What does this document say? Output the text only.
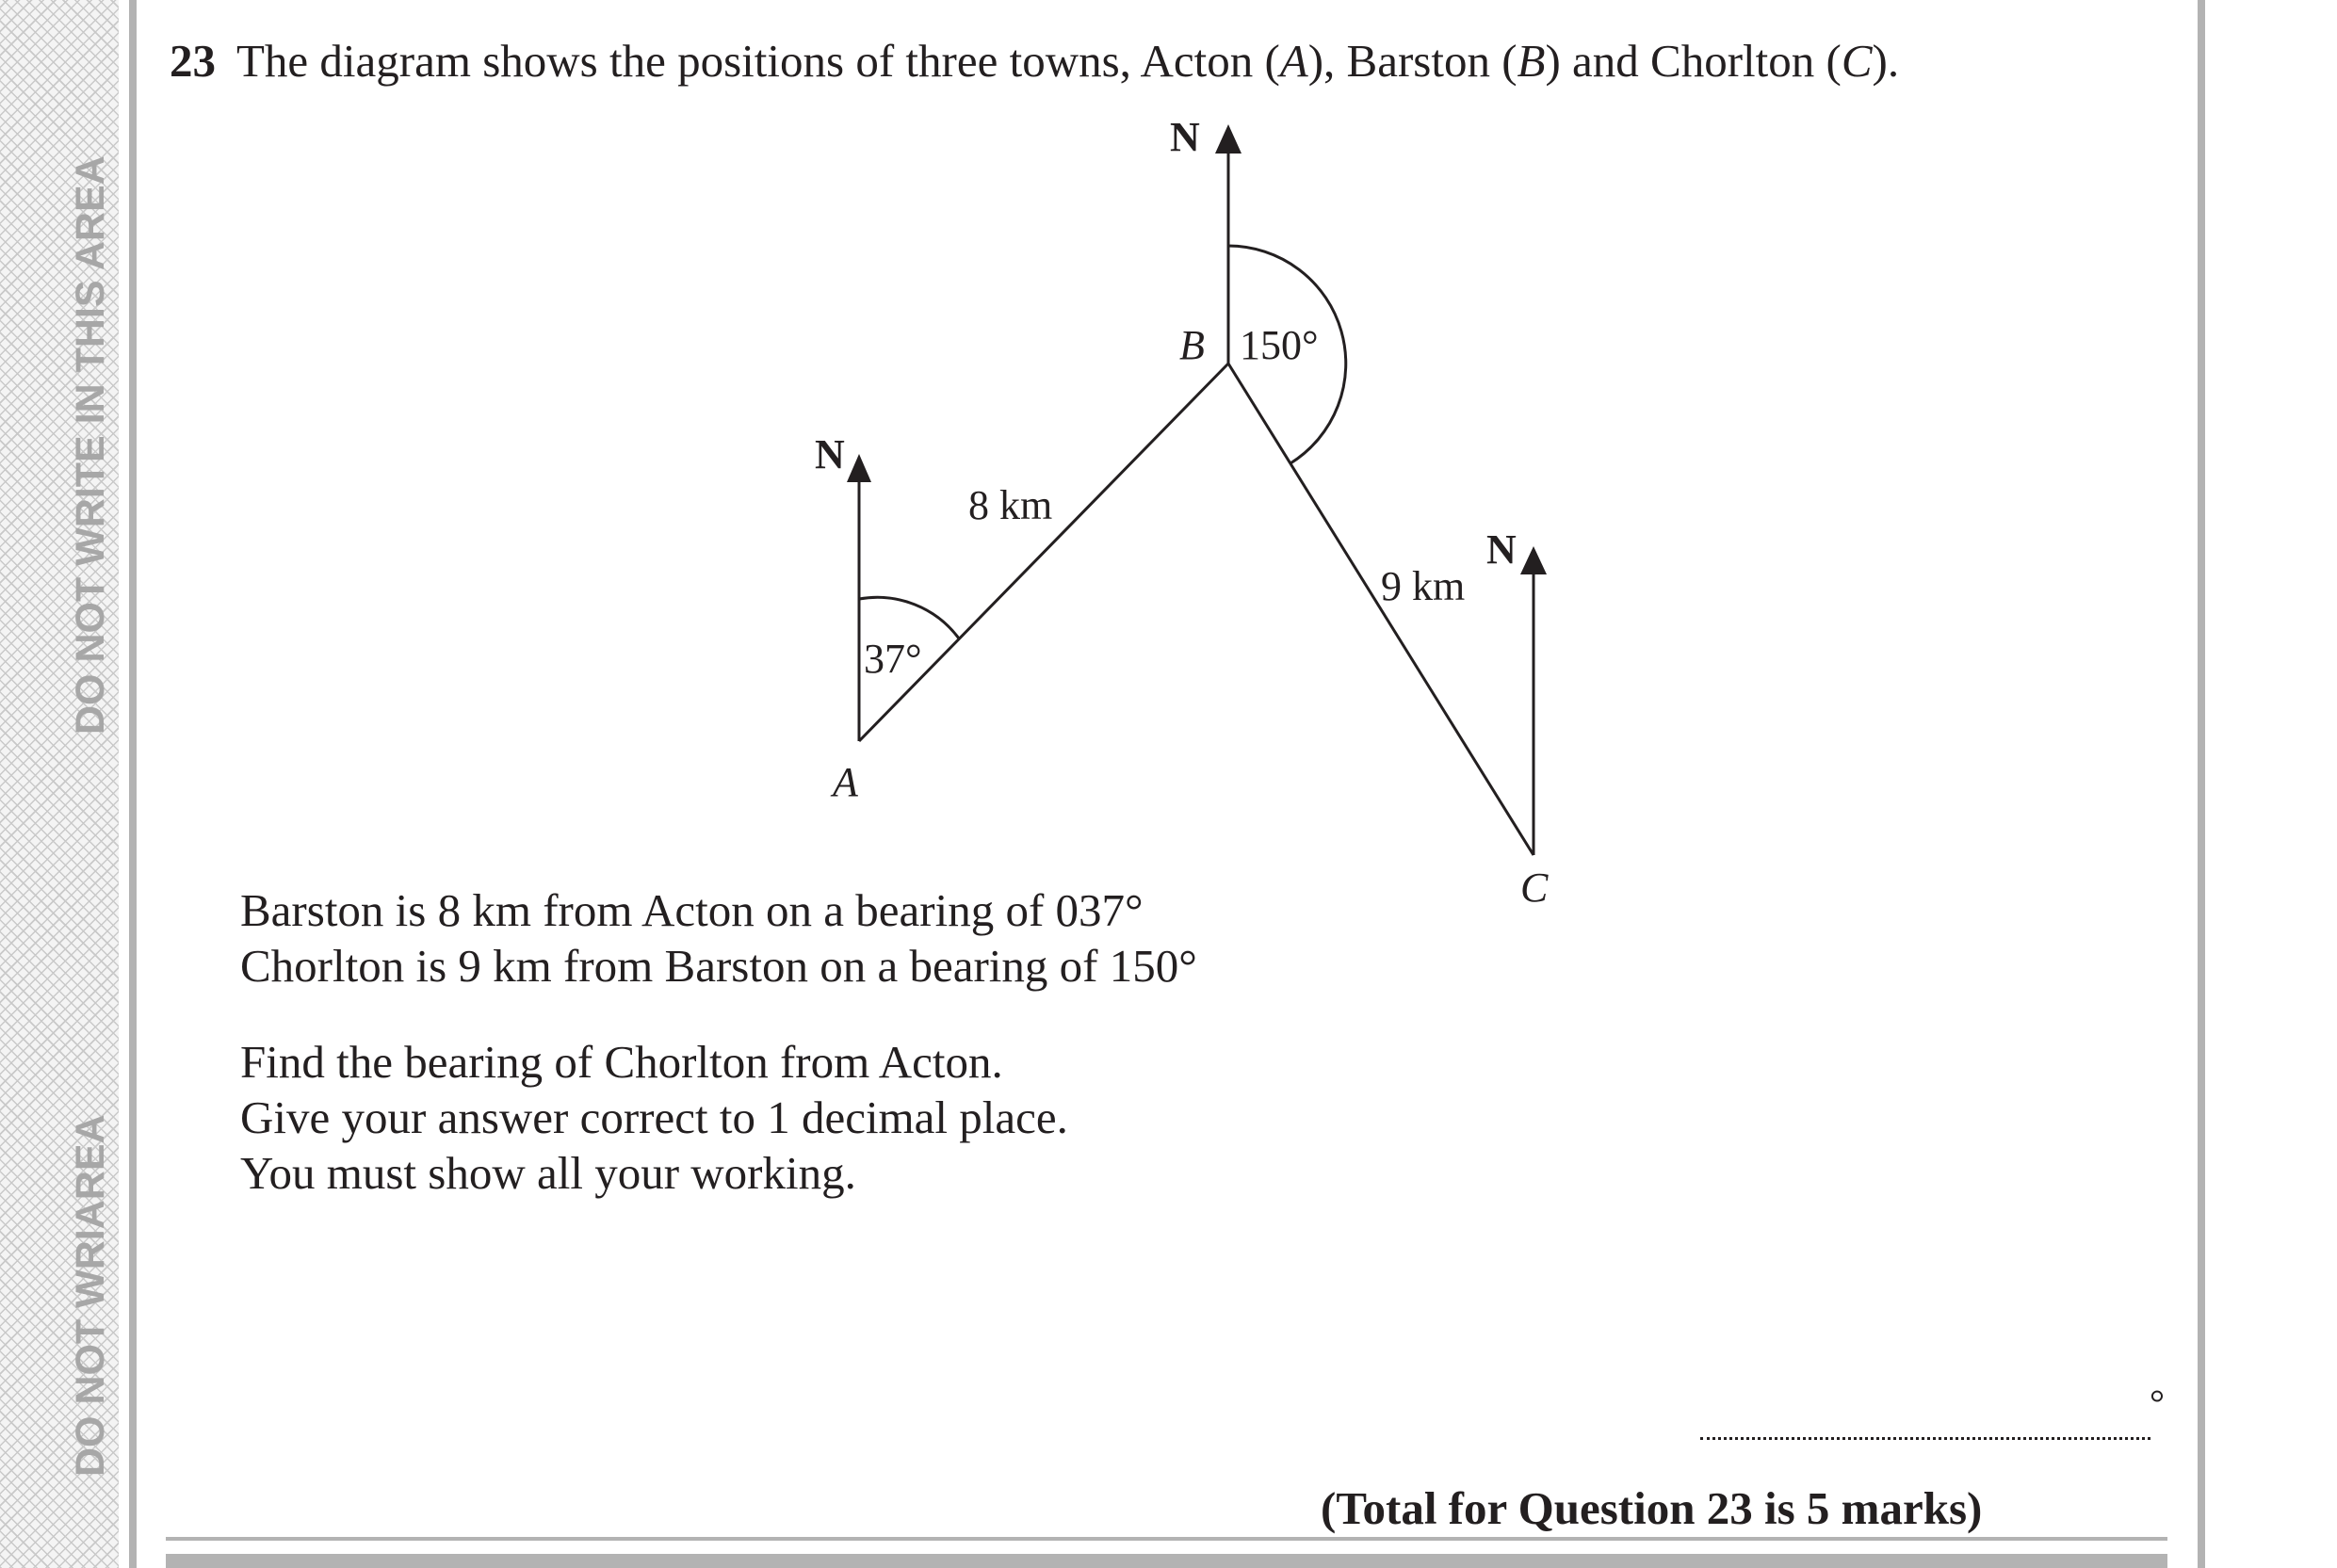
DO NOT WRITE IN THIS AREA
DO NOT WRIAREA
23 The diagram shows the positions of three towns, Acton (A), Barston (B) and Chorlton (C).
N
N
N
37°
150°
B
A
C
8 km
9 km

Barston is 8 km from Acton on a bearing of 037°

Chorlton is 9 km from Barston on a bearing of 150°

Find the bearing of Chorlton from Acton.

Give your answer correct to 1 decimal place.

You must show all your working.

°
(Total for Question 23 is 5 marks)
